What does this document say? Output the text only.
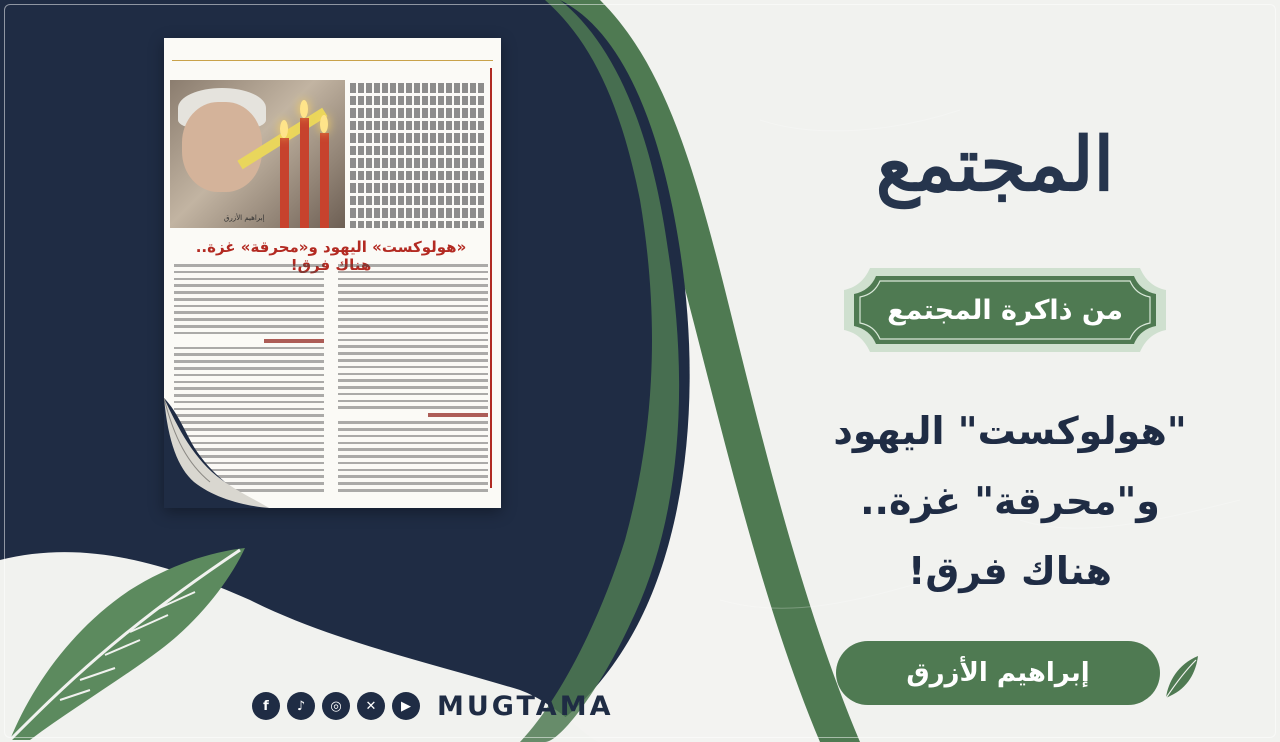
إبراهيم الأزرق
«هولوكست» اليهود و«محرقة» غزة.. هناك فرق!
المجتمع
من ذاكرة المجتمع
"هولوكست" اليهود
و"محرقة" غزة..
هناك فرق!
إبراهيم الأزرق
f	♪	◎	✕	▶ MUGTAMA
